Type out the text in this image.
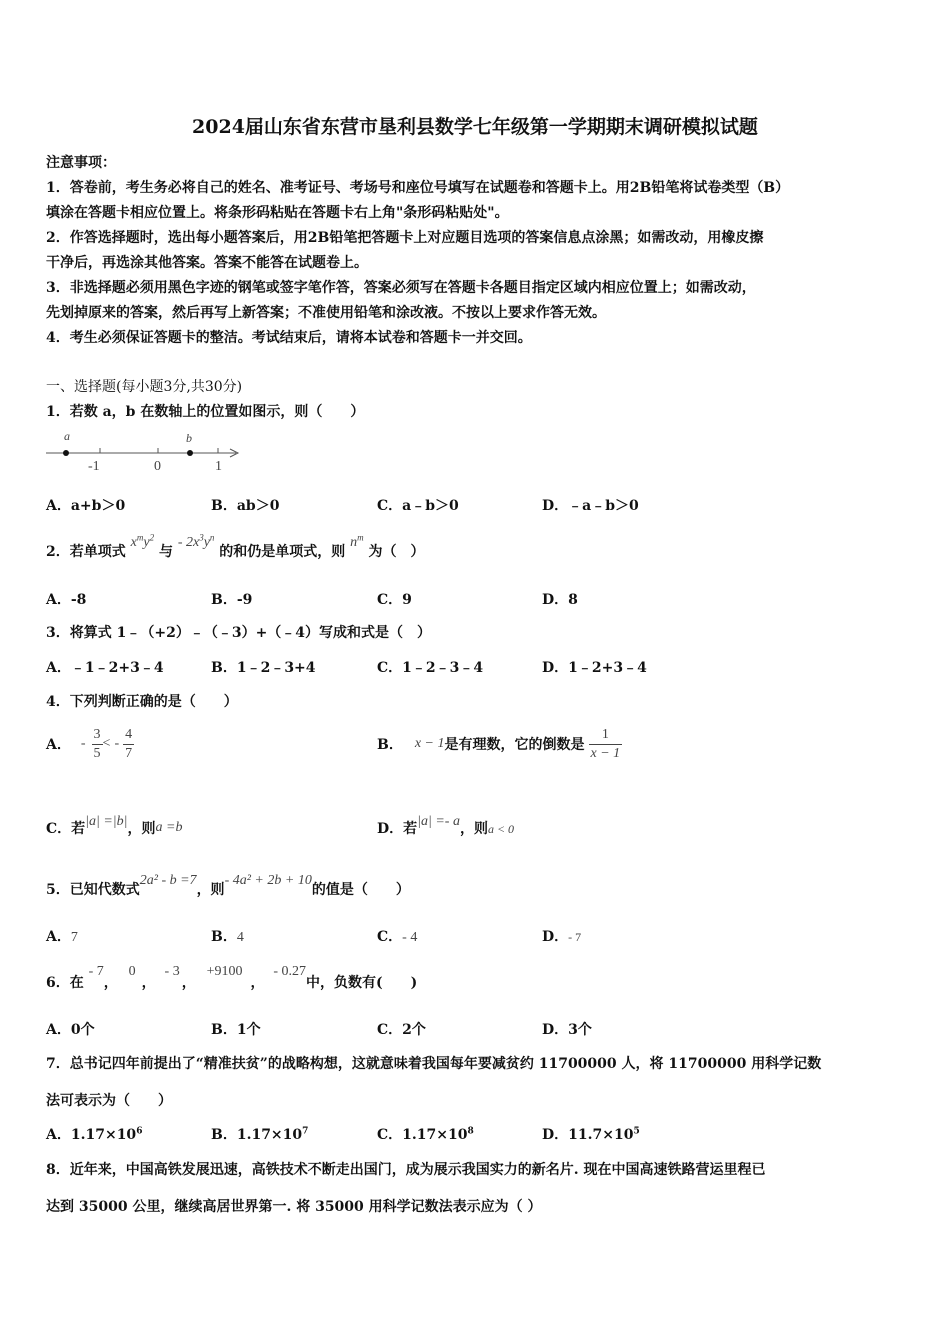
2024届山东省东营市垦利县数学七年级第一学期期末调研模拟试题
注意事项：
1．答卷前，考生务必将自己的姓名、准考证号、考场号和座位号填写在试题卷和答题卡上。用2B铅笔将试卷类型（B）
填涂在答题卡相应位置上。将条形码粘贴在答题卡右上角"条形码粘贴处"。
2．作答选择题时，选出每小题答案后，用2B铅笔把答题卡上对应题目选项的答案信息点涂黑；如需改动，用橡皮擦
干净后，再选涂其他答案。答案不能答在试题卷上。
3．非选择题必须用黑色字迹的钢笔或签字笔作答，答案必须写在答题卡各题目指定区域内相应位置上；如需改动，
先划掉原来的答案，然后再写上新答案；不准使用铅笔和涂改液。不按以上要求作答无效。
4．考生必须保证答题卡的整洁。考试结束后，请将本试卷和答题卡一并交回。
一、选择题(每小题3分,共30分)
1．若数 a，b 在数轴上的位置如图示，则（　　）
a	b
-1	0	1
A．a+b＞0	B．ab＞0	C．a﹣b＞0	D．﹣a﹣b＞0
2．若单项式 $x^my^2$ 与 - $2x^3y^n$ 的和仍是单项式，则 $n^m$ 为（　）
A．-8	B．-9	C．9	D．8
3．将算式 1﹣（+2）﹣（﹣3）+（﹣4）写成和式是（　）
A．﹣1﹣2+3﹣4	B．1﹣2﹣3+4	C．1﹣2﹣3﹣4	D．1﹣2+3﹣4
4．下列判断正确的是（　　）
A． - $\frac{3}{5}$ < - $\frac{4}{7}$	B． x − 1 是有理数，它的倒数是 $\frac{1}{x - 1}$
C．若|a| =|b|，则a =b	D．若|a| =- a，则a < 0
5．已知代数式2a² - b =7，则- 4a² + 2b + 10的值是（　　）
A．7	B．4	C．- 4	D．- 7
6．在 - 7， 0， - 3， +9100， - 0.27中，负数有(　　)
A．0个	B．1个	C．2个	D．3个
7．总书记四年前提出了“精准扶贫”的战略构想，这就意味着我国每年要减贫约 11700000 人，将 11700000 用科学记数
法可表示为（　　）
A．$1.17\times 10^6$	B．$1.17\times 10^7$	C．$1.17\times 10^8$	D．$11.7\times 10^5$
8．近年来，中国高铁发展迅速，高铁技术不断走出国门，成为展示我国实力的新名片. 现在中国高速铁路营运里程已
达到 35000 公里，继续高居世界第一. 将 35000 用科学记数法表示应为（ ）
